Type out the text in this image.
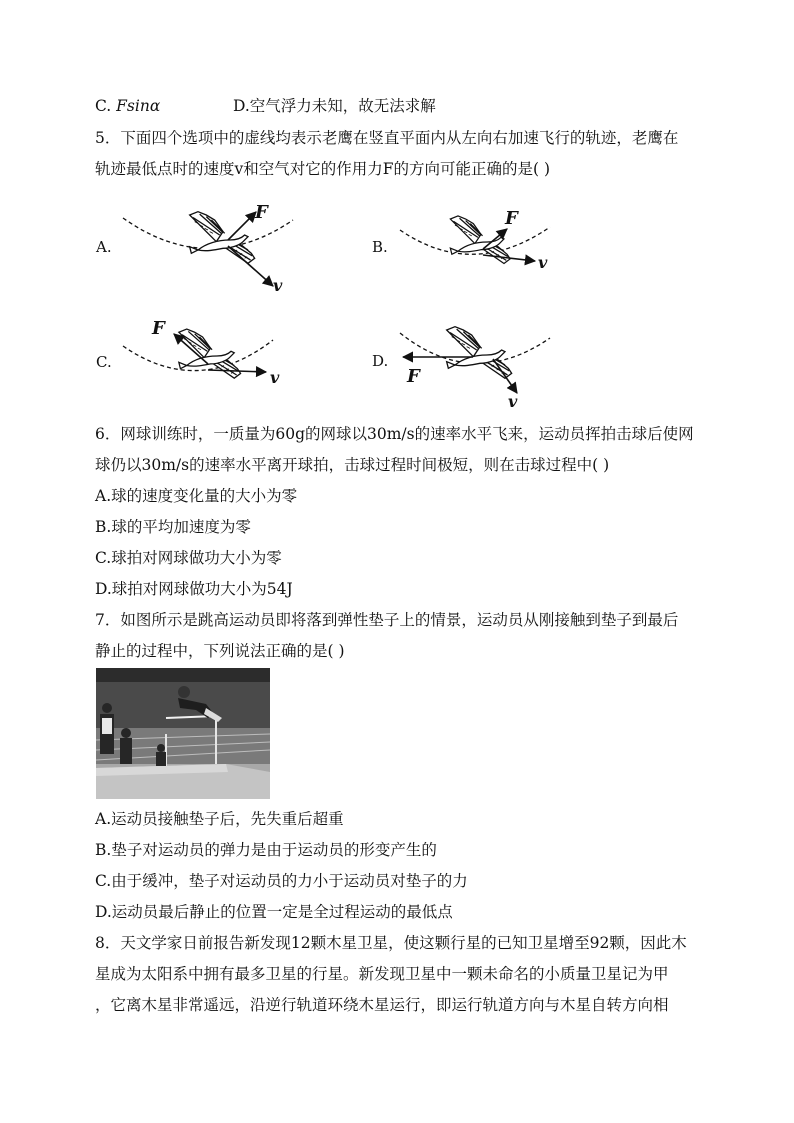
C. Fsinα	D.空气浮力未知，故无法求解
5．下面四个选项中的虚线均表示老鹰在竖直平面内从左向右加速飞行的轨迹，老鹰在
轨迹最低点时的速度v和空气对它的作用力F的方向可能正确的是( )
A.
F
v
B.
F
v
C.
F
v
D.
F
v
6．网球训练时，一质量为60g的网球以30m/s的速率水平飞来，运动员挥拍击球后使网
球仍以30m/s的速率水平离开球拍，击球过程时间极短，则在击球过程中( )
A.球的速度变化量的大小为零
B.球的平均加速度为零
C.球拍对网球做功大小为零
D.球拍对网球做功大小为54J
7．如图所示是跳高运动员即将落到弹性垫子上的情景，运动员从刚接触到垫子到最后
静止的过程中，下列说法正确的是( )
A.运动员接触垫子后，先失重后超重
B.垫子对运动员的弹力是由于运动员的形变产生的
C.由于缓冲，垫子对运动员的力小于运动员对垫子的力
D.运动员最后静止的位置一定是全过程运动的最低点
8．天文学家日前报告新发现12颗木星卫星，使这颗行星的已知卫星增至92颗，因此木
星成为太阳系中拥有最多卫星的行星。新发现卫星中一颗未命名的小质量卫星记为甲
，它离木星非常遥远，沿逆行轨道环绕木星运行，即运行轨道方向与木星自转方向相
